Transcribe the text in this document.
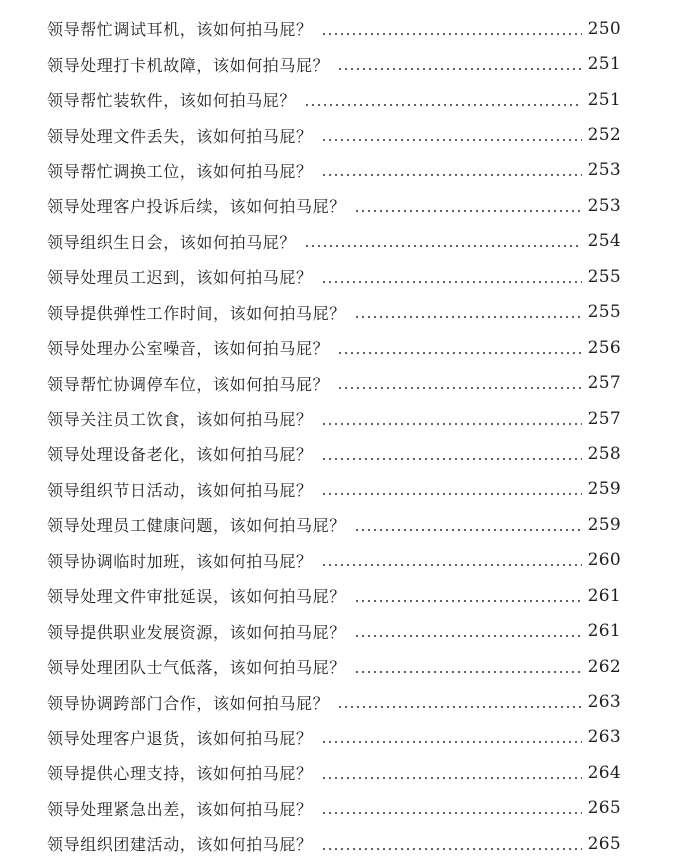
领导帮忙调试耳机，该如何拍马屁？	250
领导处理打卡机故障，该如何拍马屁？	251
领导帮忙装软件，该如何拍马屁？	251
领导处理文件丢失，该如何拍马屁？	252
领导帮忙调换工位，该如何拍马屁？	253
领导处理客户投诉后续，该如何拍马屁？	253
领导组织生日会，该如何拍马屁？	254
领导处理员工迟到，该如何拍马屁？	255
领导提供弹性工作时间，该如何拍马屁？	255
领导处理办公室噪音，该如何拍马屁？	256
领导帮忙协调停车位，该如何拍马屁？	257
领导关注员工饮食，该如何拍马屁？	257
领导处理设备老化，该如何拍马屁？	258
领导组织节日活动，该如何拍马屁？	259
领导处理员工健康问题，该如何拍马屁？	259
领导协调临时加班，该如何拍马屁？	260
领导处理文件审批延误，该如何拍马屁？	261
领导提供职业发展资源，该如何拍马屁？	261
领导处理团队士气低落，该如何拍马屁？	262
领导协调跨部门合作，该如何拍马屁？	263
领导处理客户退货，该如何拍马屁？	263
领导提供心理支持，该如何拍马屁？	264
领导处理紧急出差，该如何拍马屁？	265
领导组织团建活动，该如何拍马屁？	265
